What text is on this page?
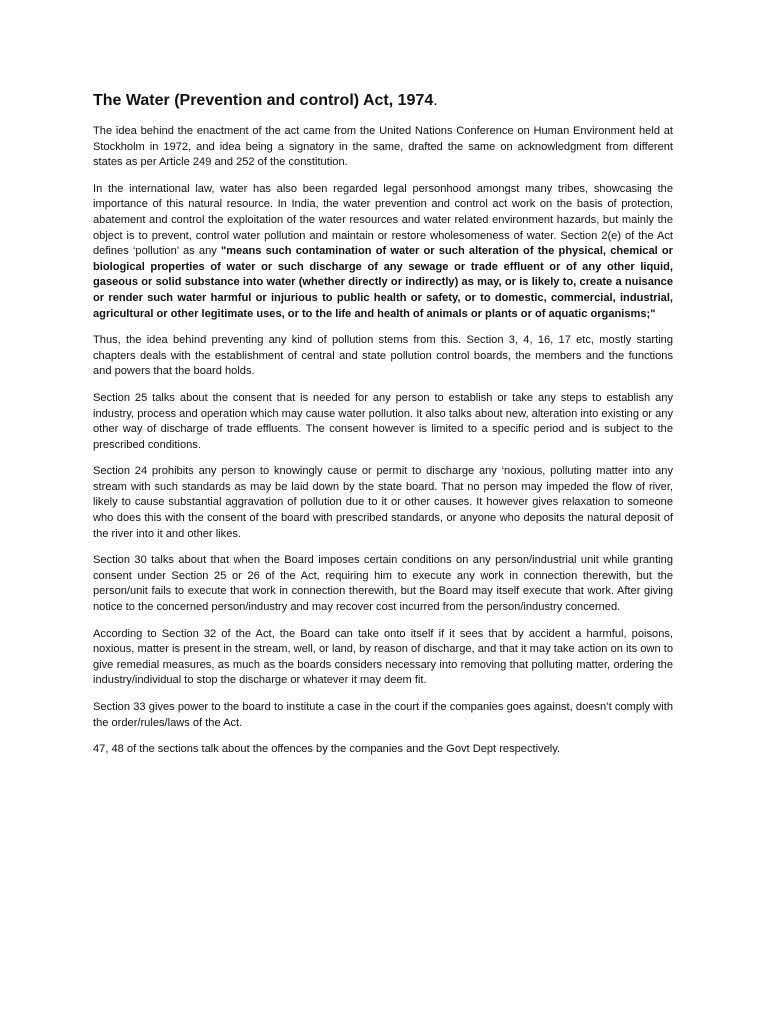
The Water (Prevention and control) Act, 1974.

The idea behind the enactment of the act came from the United Nations Conference on Human Environment held at Stockholm in 1972, and idea being a signatory in the same, drafted the same on acknowledgment from different states as per Article 249 and 252 of the constitution.

In the international law, water has also been regarded legal personhood amongst many tribes, showcasing the importance of this natural resource. In India, the water prevention and control act work on the basis of protection, abatement and control the exploitation of the water resources and water related environment hazards, but mainly the object is to prevent, control water pollution and maintain or restore wholesomeness of water. Section 2(e) of the Act defines ‘pollution’ as any "means such contamination of water or such alteration of the physical, chemical or biological properties of water or such discharge of any sewage or trade effluent or of any other liquid, gaseous or solid substance into water (whether directly or indirectly) as may, or is likely to, create a nuisance or render such water harmful or injurious to public health or safety, or to domestic, commercial, industrial, agricultural or other legitimate uses, or to the life and health of animals or plants or of aquatic organisms;"

Thus, the idea behind preventing any kind of pollution stems from this. Section 3, 4, 16, 17 etc, mostly starting chapters deals with the establishment of central and state pollution control boards, the members and the functions and powers that the board holds.

Section 25 talks about the consent that is needed for any person to establish or take any steps to establish any industry, process and operation which may cause water pollution. It also talks about new, alteration into existing or any other way of discharge of trade effluents. The consent however is limited to a specific period and is subject to the prescribed conditions.

Section 24 prohibits any person to knowingly cause or permit to discharge any ‘noxious, polluting matter into any stream with such standards as may be laid down by the state board. That no person may impeded the flow of river, likely to cause substantial aggravation of pollution due to it or other causes. It however gives relaxation to someone who does this with the consent of the board with prescribed standards, or anyone who deposits the natural deposit of the river into it and other likes.

Section 30 talks about that when the Board imposes certain conditions on any person/industrial unit while granting consent under Section 25 or 26 of the Act, requiring him to execute any work in connection therewith, but the person/unit fails to execute that work in connection therewith, but the Board may itself execute that work. After giving notice to the concerned person/industry and may recover cost incurred from the person/industry concerned.

According to Section 32 of the Act, the Board can take onto itself if it sees that by accident a harmful, poisons, noxious, matter is present in the stream, well, or land, by reason of discharge, and that it may take action on its own to give remedial measures, as much as the boards considers necessary into removing that polluting matter, ordering the industry/individual to stop the discharge or whatever it may deem fit.

Section 33 gives power to the board to institute a case in the court if the companies goes against, doesn’t comply with the order/rules/laws of the Act.

47, 48 of the sections talk about the offences by the companies and the Govt Dept respectively.
